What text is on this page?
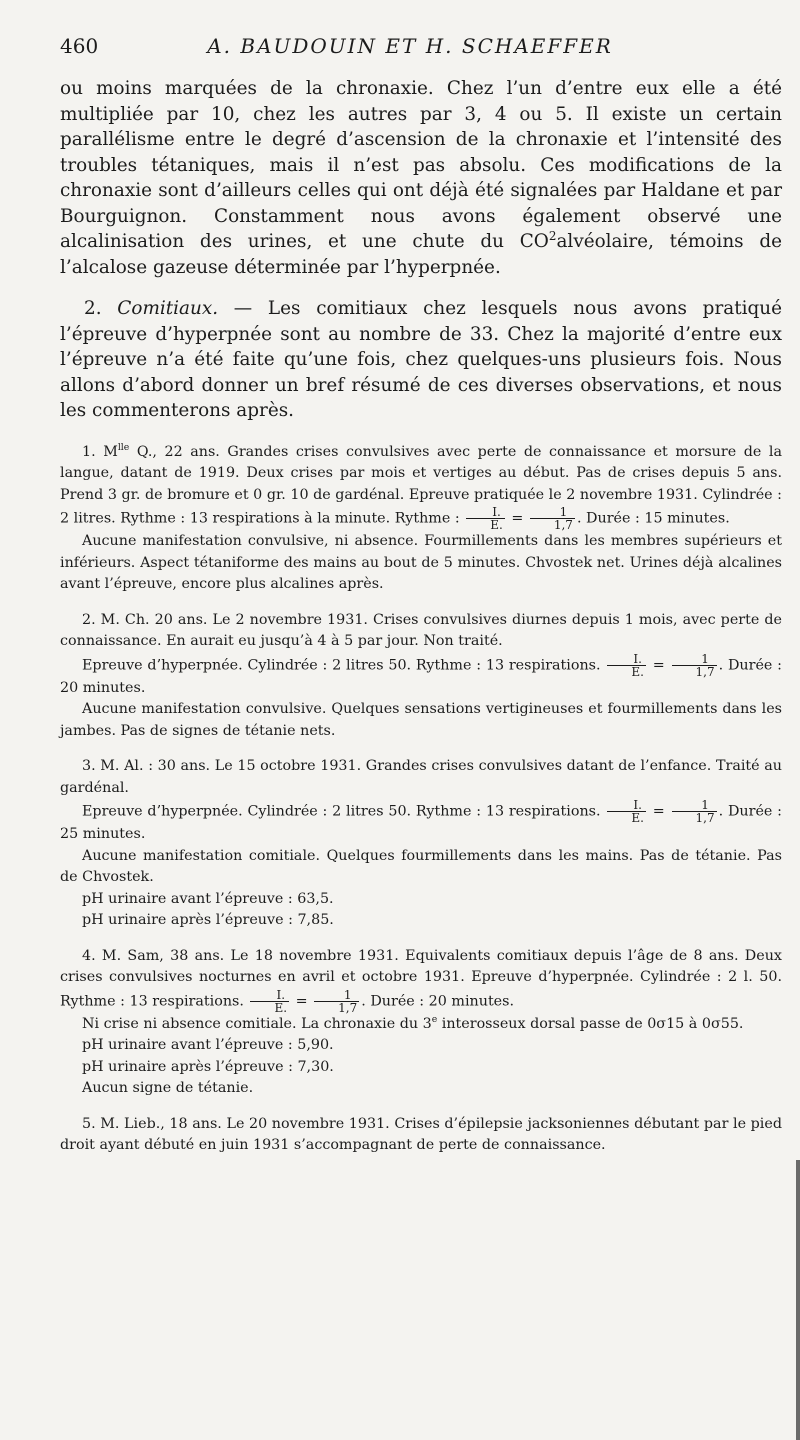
460	A. BAUDOUIN ET H. SCHAEFFER

ou moins marquées de la chronaxie. Chez l’un d’entre eux elle a été multipliée par 10, chez les autres par 3, 4 ou 5. Il existe un certain parallélisme entre le degré d’ascension de la chronaxie et l’intensité des troubles tétaniques, mais il n’est pas absolu. Ces modifications de la chronaxie sont d’ailleurs celles qui ont déjà été signalées par Haldane et par Bourguignon. Constamment nous avons également observé une alcalinisation des urines, et une chute du $CO^2alvéolaire$, témoins de l’alcalose gazeuse déterminée par l’hyperpnée.

2. Comitiaux. — Les comitiaux chez lesquels nous avons pratiqué l’épreuve d’hyperpnée sont au nombre de 33. Chez la majorité d’entre eux l’épreuve n’a été faite qu’une fois, chez quelques-uns plusieurs fois. Nous allons d’abord donner un bref résumé de ces diverses observations, et nous les commenterons après.

1. $M^{lle}$ Q., 22 ans. Grandes crises convulsives avec perte de connaissance et morsure de la langue, datant de 1919. Deux crises par mois et vertiges au début. Pas de crises depuis 5 ans. Prend 3 gr. de bromure et 0 gr. 10 de gardénal. Epreuve pratiquée le 2 novembre 1931. Cylindrée : 2 litres. Rythme : 13 respirations à la minute. Rythme : $\frac{I.}{E.} = \frac{1}{1,7}$ . Durée : 15 minutes.

Aucune manifestation convulsive, ni absence. Fourmillements dans les membres supérieurs et inférieurs. Aspect tétaniforme des mains au bout de 5 minutes. Chvostek net. Urines déjà alcalines avant l’épreuve, encore plus alcalines après.

2. M. Ch. 20 ans. Le 2 novembre 1931. Crises convulsives diurnes depuis 1 mois, avec perte de connaissance. En aurait eu jusqu’à 4 à 5 par jour. Non traité.

Epreuve d’hyperpnée. Cylindrée : 2 litres 50. Rythme : 13 respirations. $\frac{I.}{E.} = \frac{1}{1,7}$ . Durée : 20 minutes.

Aucune manifestation convulsive. Quelques sensations vertigineuses et fourmillements dans les jambes. Pas de signes de tétanie nets.

3. M. Al. : 30 ans. Le 15 octobre 1931. Grandes crises convulsives datant de l’enfance. Traité au gardénal.

Epreuve d’hyperpnée. Cylindrée : 2 litres 50. Rythme : 13 respirations. $\frac{I.}{E.} = \frac{1}{1,7}$ . Durée : 25 minutes.

Aucune manifestation comitiale. Quelques fourmillements dans les mains. Pas de tétanie. Pas de Chvostek.

pH urinaire avant l’épreuve : 63,5.

pH urinaire après l’épreuve : 7,85.

4. M. Sam, 38 ans. Le 18 novembre 1931. Equivalents comitiaux depuis l’âge de 8 ans. Deux crises convulsives nocturnes en avril et octobre 1931. Epreuve d’hyperpnée. Cylindrée : 2 l. 50. Rythme : 13 respirations. $\frac{I.}{E.} = \frac{1}{1,7}$ . Durée : 20 minutes.

Ni crise ni absence comitiale. La chronaxie du 3e interosseux dorsal passe de 0σ15 à 0σ55.

pH urinaire avant l’épreuve : 5,90.

pH urinaire après l’épreuve : 7,30.

Aucun signe de tétanie.

5. M. Lieb., 18 ans. Le 20 novembre 1931. Crises d’épilepsie jacksoniennes débutant par le pied droit ayant débuté en juin 1931 s’accompagnant de perte de connaissance.
